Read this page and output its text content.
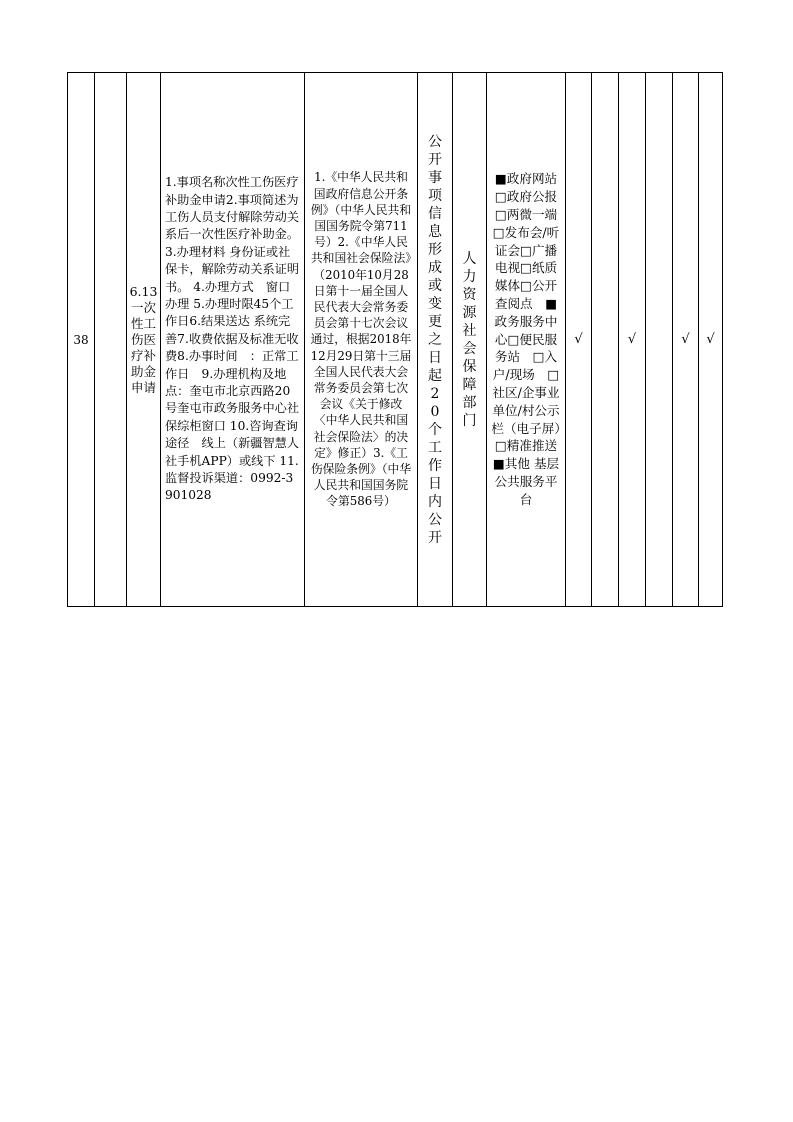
38
6.13一次性工伤医疗补助金申请
1.事项名称次性工伤医疗补助金申请2.事项简述为工伤人员支付解除劳动关系后一次性医疗补助金。3.办理材料 身份证或社保卡，解除劳动关系证明书。 4.办理方式　窗口办理 5.办理时限45个工作日6.结果送达 系统完善7.收费依据及标准无收费8.办事时间　：正常工作日　9.办理机构及地点：奎屯市北京西路20号奎屯市政务服务中心社保综柜窗口 10.咨询查询途径　线上（新疆智慧人社手机APP）或线下 11.监督投诉渠道：0992-3901028
1.《中华人民共和国政府信息公开条例》（中华人民共和国国务院令第711号）2.《中华人民共和国社会保险法》（2010年10月28日第十一届全国人民代表大会常务委员会第十七次会议通过，根据2018年12月29日第十三届全国人民代表大会常务委员会第七次会议《关于修改〈中华人民共和国社会保险法〉的决定》修正）3.《工伤保险条例》（中华人民共和国国务院令第586号）
公开事项信息形成或变更之日起20个工作日内公开
人力资源社会保障部门
■政府网站□政府公报□两微一端□发布会/听证会□广播电视□纸质媒体□公开查阅点　■政务服务中心□便民服务站　□入户/现场　□社区/企事业单位/村公示栏（电子屏）□精准推送■其他 基层公共服务平台
√	√	√ √
